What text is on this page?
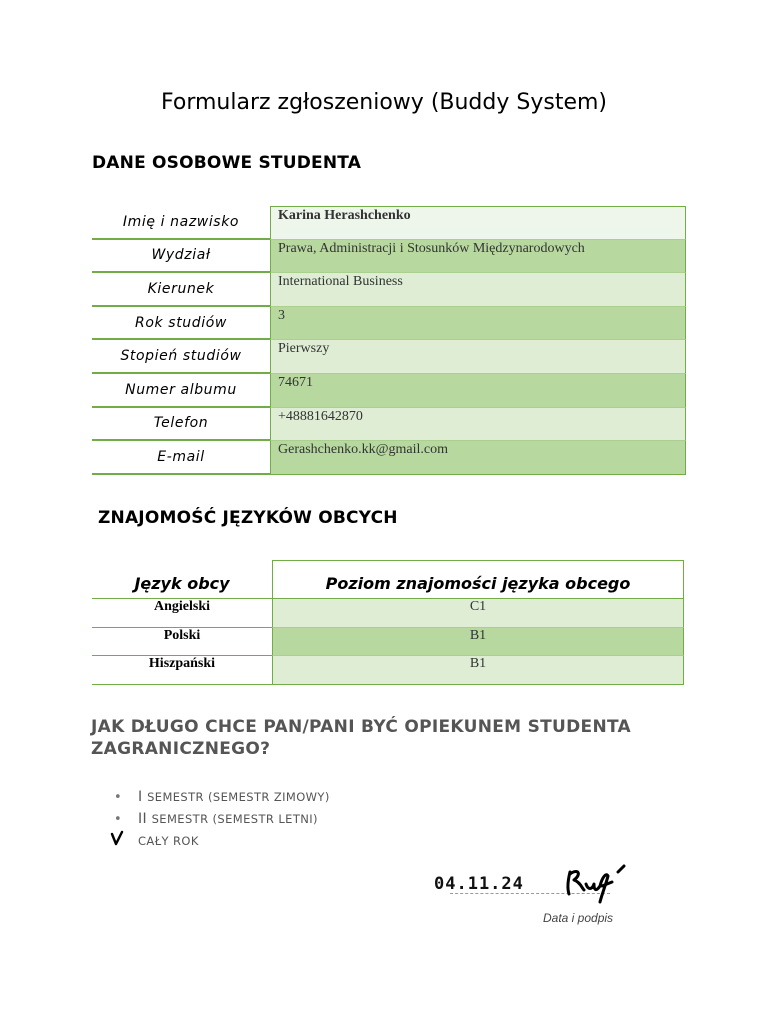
Formularz zgłoszeniowy (Buddy System)
DANE OSOBOWE STUDENTA
Imię i nazwisko	Karina Herashchenko
Wydział	Prawa, Administracji i Stosunków Międzynarodowych
Kierunek	International Business
Rok studiów	3
Stopień studiów	Pierwszy
Numer albumu	74671
Telefon	+48881642870
E-mail	Gerashchenko.kk@gmail.com
ZNAJOMOŚĆ JĘZYKÓW OBCYCH
Język obcy	Poziom znajomości języka obcego
Angielski	C1
Polski	B1
Hiszpański	B1
JAK DŁUGO CHCE PAN/PANI BYĆ OPIEKUNEM STUDENTA ZAGRANICZNEGO?
•	I SEMESTR (SEMESTR ZIMOWY)
•	II SEMESTR (SEMESTR LETNI)
CAŁY ROK
04.11.24
Data i podpis
